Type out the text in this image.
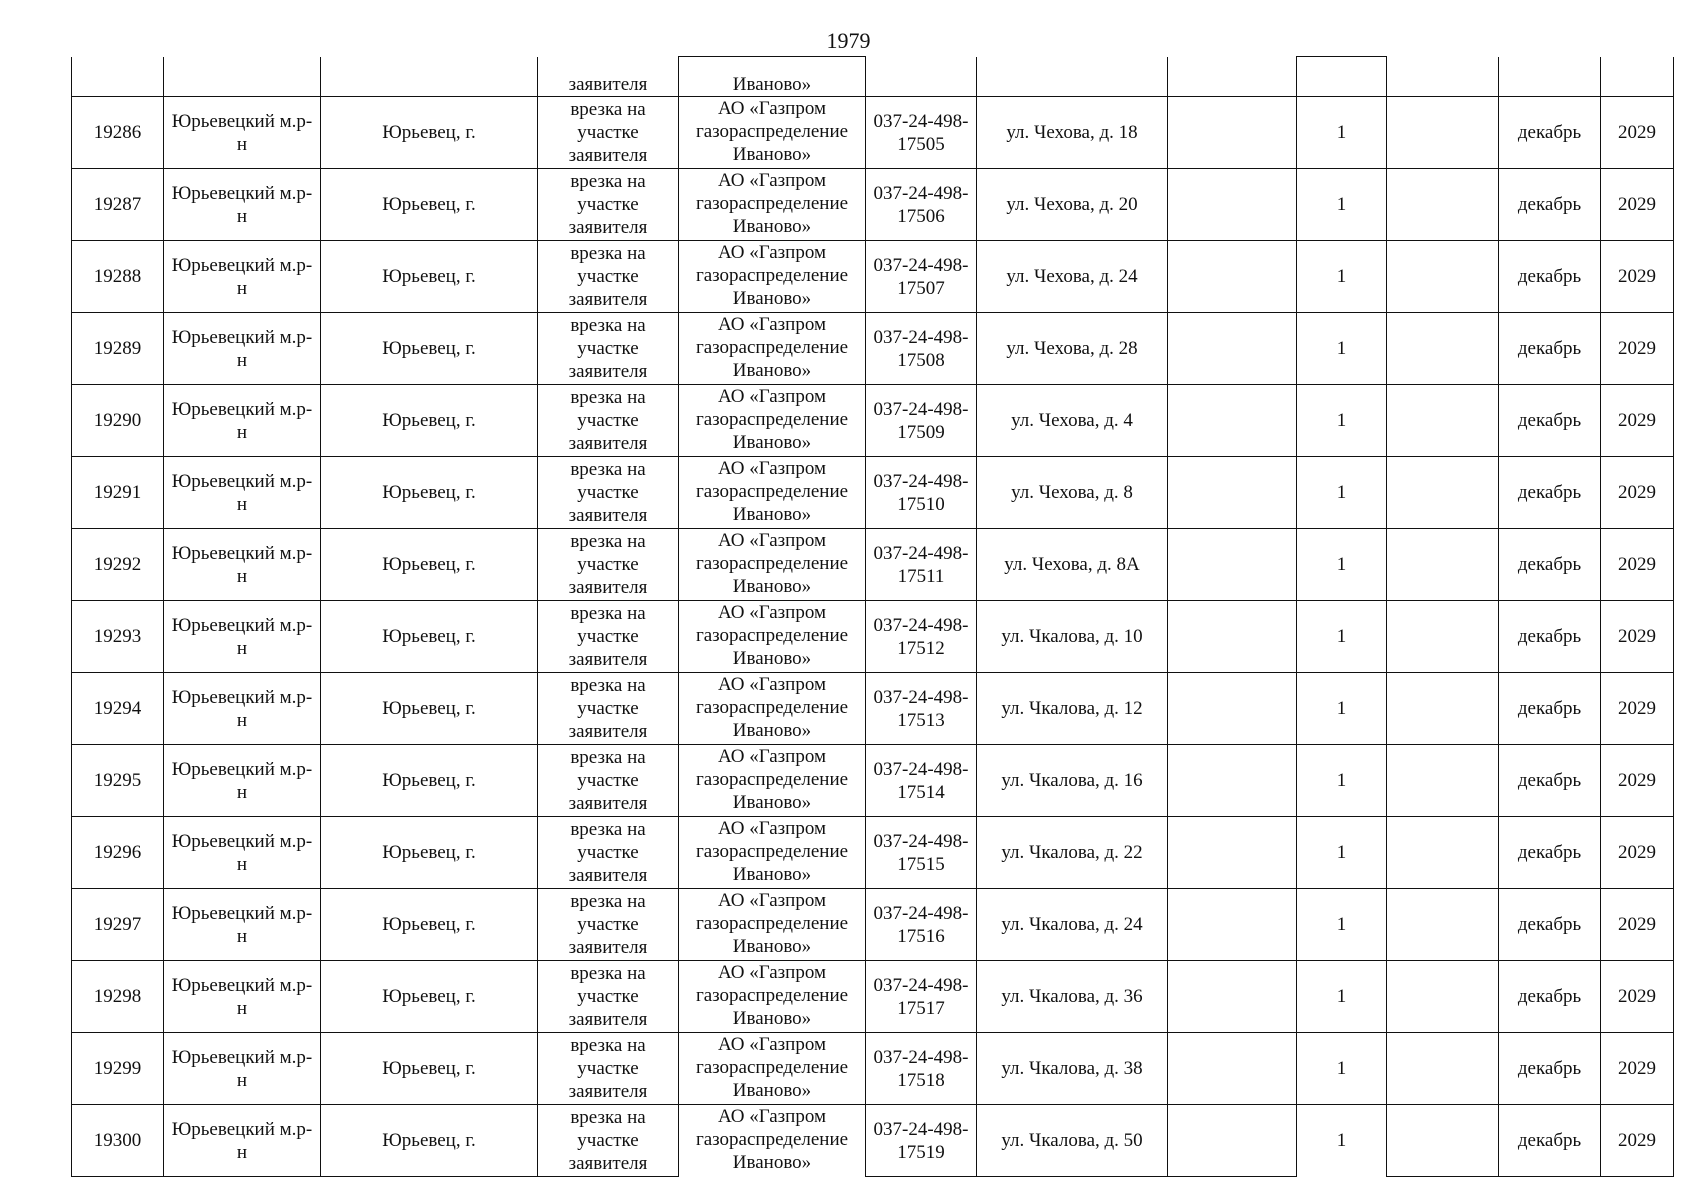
1979
			заявителя	Иваново»							
19286	Юрьевецкий м.р-н	Юрьевец, г.	врезка на участке заявителя	АО «Газпром газораспределение Иваново»	037-24-498-17505	ул. Чехова, д. 18		1		декабрь	2029
19287	Юрьевецкий м.р-н	Юрьевец, г.	врезка на участке заявителя	АО «Газпром газораспределение Иваново»	037-24-498-17506	ул. Чехова, д. 20		1		декабрь	2029
19288	Юрьевецкий м.р-н	Юрьевец, г.	врезка на участке заявителя	АО «Газпром газораспределение Иваново»	037-24-498-17507	ул. Чехова, д. 24		1		декабрь	2029
19289	Юрьевецкий м.р-н	Юрьевец, г.	врезка на участке заявителя	АО «Газпром газораспределение Иваново»	037-24-498-17508	ул. Чехова, д. 28		1		декабрь	2029
19290	Юрьевецкий м.р-н	Юрьевец, г.	врезка на участке заявителя	АО «Газпром газораспределение Иваново»	037-24-498-17509	ул. Чехова, д. 4		1		декабрь	2029
19291	Юрьевецкий м.р-н	Юрьевец, г.	врезка на участке заявителя	АО «Газпром газораспределение Иваново»	037-24-498-17510	ул. Чехова, д. 8		1		декабрь	2029
19292	Юрьевецкий м.р-н	Юрьевец, г.	врезка на участке заявителя	АО «Газпром газораспределение Иваново»	037-24-498-17511	ул. Чехова, д. 8А		1		декабрь	2029
19293	Юрьевецкий м.р-н	Юрьевец, г.	врезка на участке заявителя	АО «Газпром газораспределение Иваново»	037-24-498-17512	ул. Чкалова, д. 10		1		декабрь	2029
19294	Юрьевецкий м.р-н	Юрьевец, г.	врезка на участке заявителя	АО «Газпром газораспределение Иваново»	037-24-498-17513	ул. Чкалова, д. 12		1		декабрь	2029
19295	Юрьевецкий м.р-н	Юрьевец, г.	врезка на участке заявителя	АО «Газпром газораспределение Иваново»	037-24-498-17514	ул. Чкалова, д. 16		1		декабрь	2029
19296	Юрьевецкий м.р-н	Юрьевец, г.	врезка на участке заявителя	АО «Газпром газораспределение Иваново»	037-24-498-17515	ул. Чкалова, д. 22		1		декабрь	2029
19297	Юрьевецкий м.р-н	Юрьевец, г.	врезка на участке заявителя	АО «Газпром газораспределение Иваново»	037-24-498-17516	ул. Чкалова, д. 24		1		декабрь	2029
19298	Юрьевецкий м.р-н	Юрьевец, г.	врезка на участке заявителя	АО «Газпром газораспределение Иваново»	037-24-498-17517	ул. Чкалова, д. 36		1		декабрь	2029
19299	Юрьевецкий м.р-н	Юрьевец, г.	врезка на участке заявителя	АО «Газпром газораспределение Иваново»	037-24-498-17518	ул. Чкалова, д. 38		1		декабрь	2029
19300	Юрьевецкий м.р-н	Юрьевец, г.	врезка на участке заявителя	АО «Газпром газораспределение Иваново»	037-24-498-17519	ул. Чкалова, д. 50		1		декабрь	2029
